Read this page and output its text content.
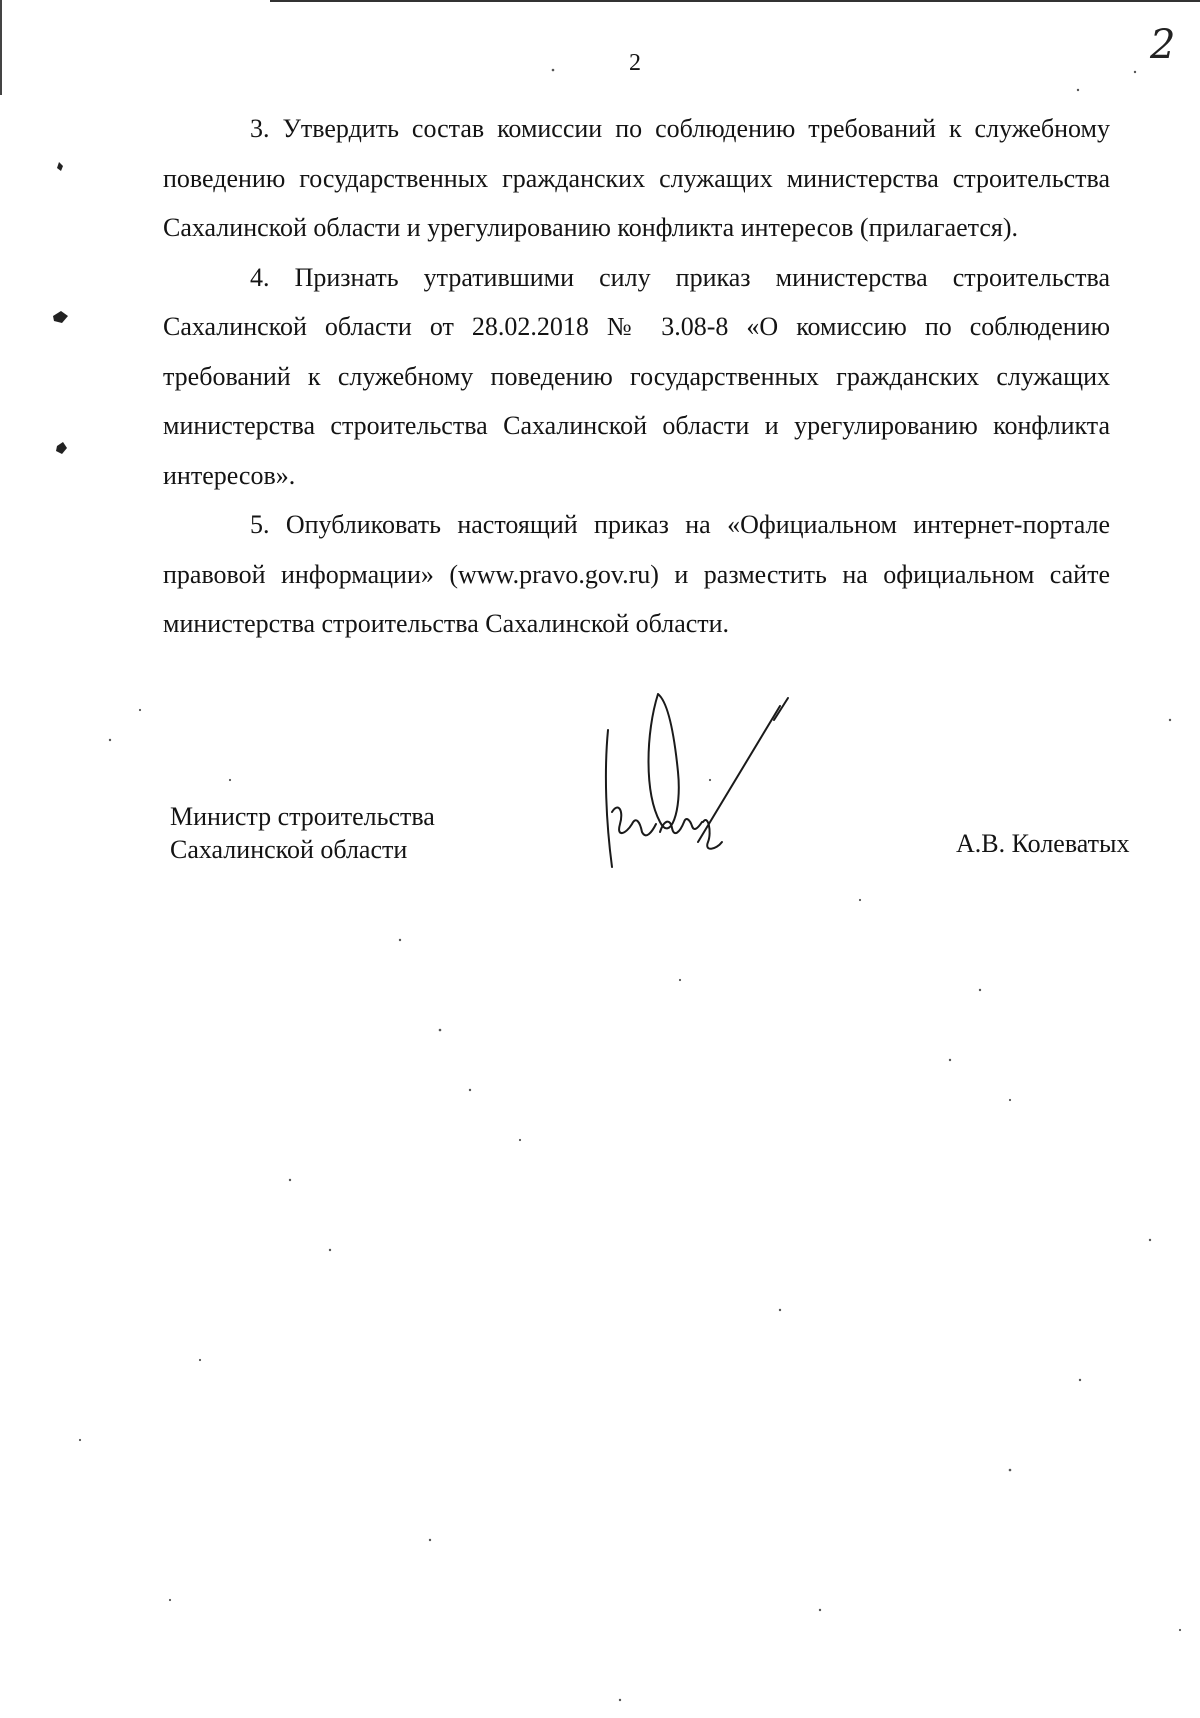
2	2

3. Утвердить состав комиссии по соблюдению требований к служебному поведению государственных гражданских служащих министерства строительства Сахалинской области и урегулированию конфликта интересов (прилагается).

4. Признать утратившими силу приказ министерства строительства Сахалинской области от 28.02.2018 № 3.08-8 «О комиссию по соблюдению требований к служебному поведению государственных гражданских служащих министерства строительства Сахалинской области и урегулированию конфликта интересов».

5. Опубликовать настоящий приказ на «Официальном интернет-портале правовой информации» (www.pravo.gov.ru) и разместить на официальном сайте министерства строительства Сахалинской области.

Министр строительства
Сахалинской области	А.В. Колеватых
